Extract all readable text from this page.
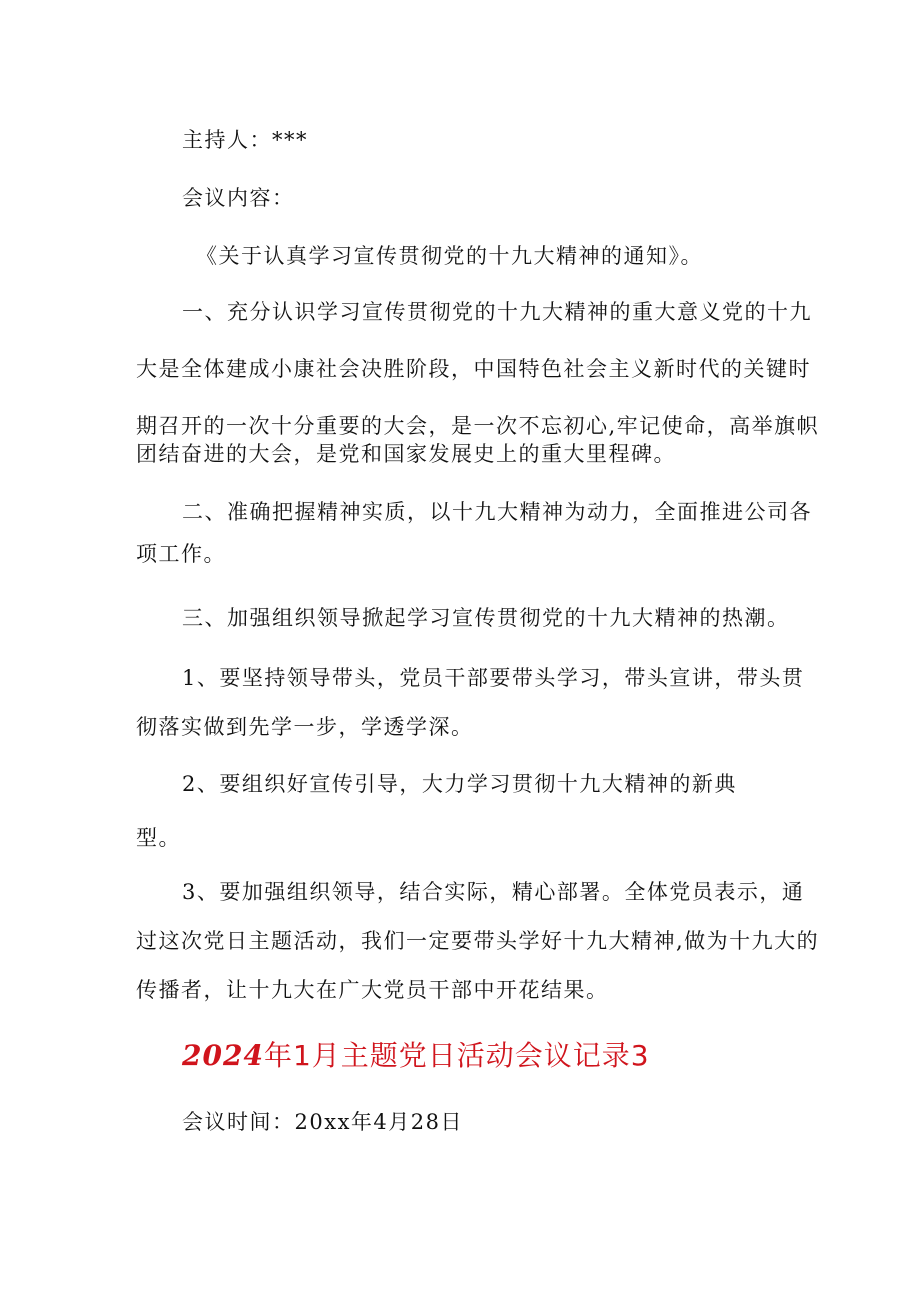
主持人：***
会议内容：
《关于认真学习宣传贯彻党的十九大精神的通知》。
一、充分认识学习宣传贯彻党的十九大精神的重大意义党的十九
大是全体建成小康社会决胜阶段，中国特色社会主义新时代的关键时
期召开的一次十分重要的大会，是一次不忘初心,牢记使命，高举旗帜
团结奋进的大会，是党和国家发展史上的重大里程碑。
二、准确把握精神实质，以十九大精神为动力，全面推进公司各
项工作。
三、加强组织领导掀起学习宣传贯彻党的十九大精神的热潮。
1、要坚持领导带头，党员干部要带头学习，带头宣讲，带头贯
彻落实做到先学一步，学透学深。
2、要组织好宣传引导，大力学习贯彻十九大精神的新典
型。
3、要加强组织领导，结合实际，精心部署。全体党员表示，通
过这次党日主题活动，我们一定要带头学好十九大精神,做为十九大的
传播者，让十九大在广大党员干部中开花结果。
2024年1月主题党日活动会议记录3
会议时间：20xx年4月28日
